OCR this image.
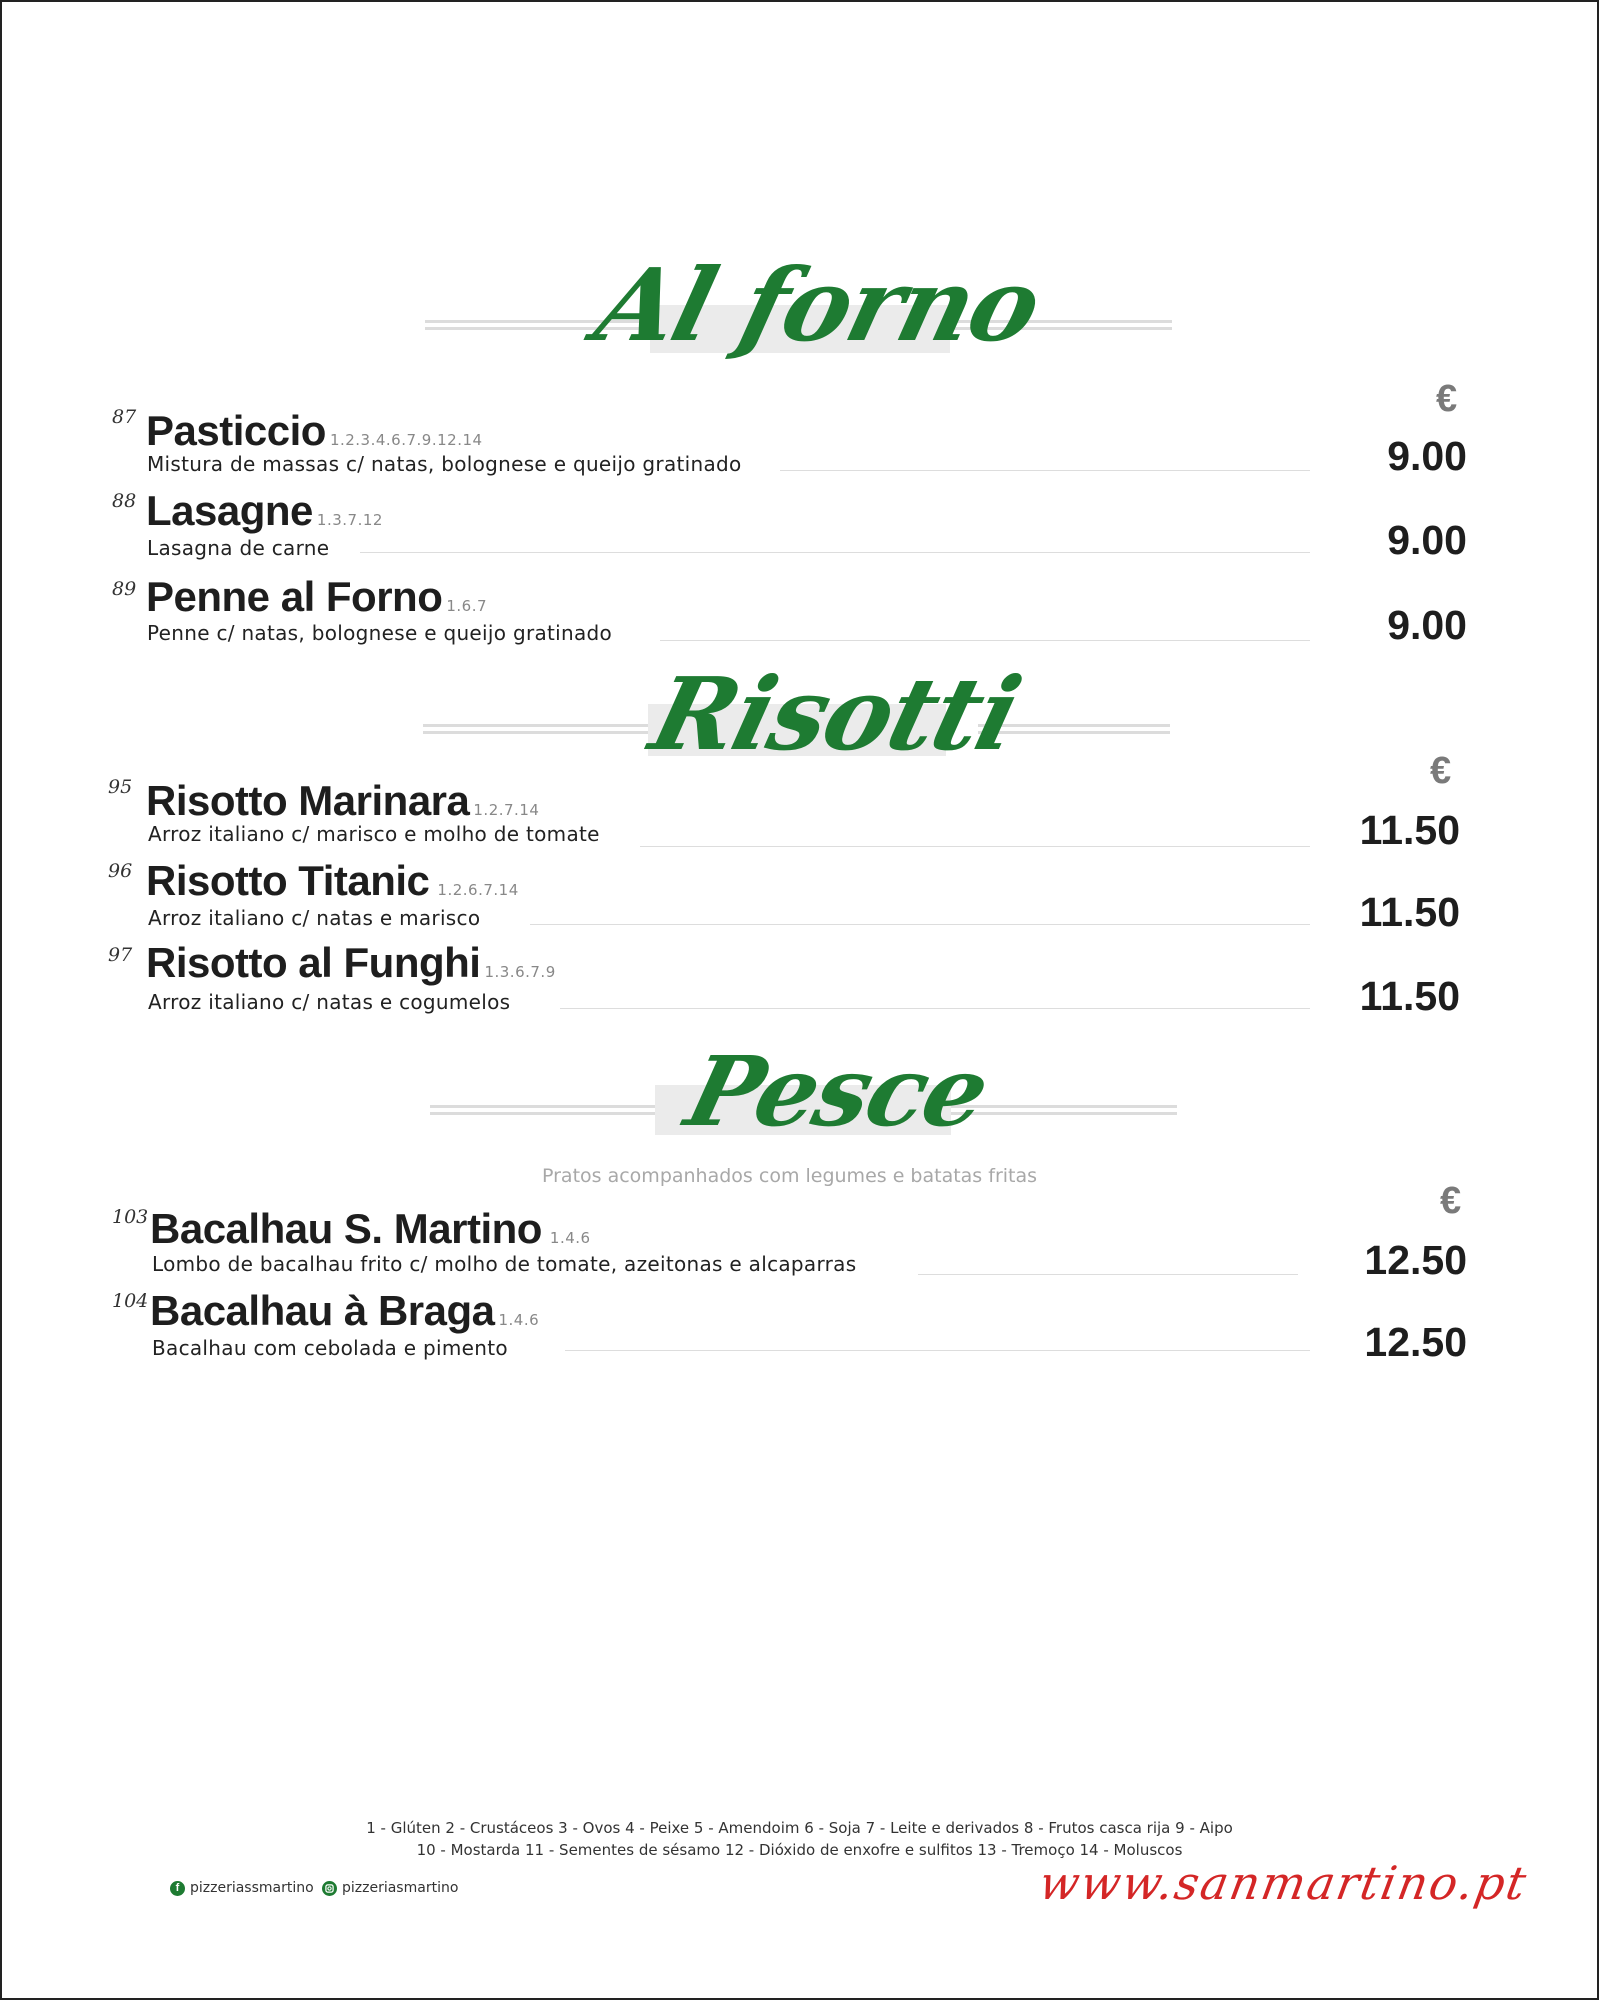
Al forno
€
87 Pasticcio 1.2.3.4.6.7.9.12.14
Mistura de massas c/ natas, bolognese e queijo gratinado	9.00
88 Lasagne 1.3.7.12
Lasagna de carne	9.00
89 Penne al Forno 1.6.7
Penne c/ natas, bolognese e queijo gratinado	9.00
Risotti	€
95 Risotto Marinara 1.2.7.14
Arroz italiano c/ marisco e molho de tomate	11.50
96 Risotto Titanic 1.2.6.7.14
Arroz italiano c/ natas e marisco	11.50
97 Risotto al Funghi 1.3.6.7.9
Arroz italiano c/ natas e cogumelos	11.50
Pesce
Pratos acompanhados com legumes e batatas fritas
€
103 Bacalhau S. Martino 1.4.6
Lombo de bacalhau frito c/ molho de tomate, azeitonas e alcaparras	12.50
104 Bacalhau à Braga 1.4.6
Bacalhau com cebolada e pimento	12.50
1 - Glúten 2 - Crustáceos 3 - Ovos 4 - Peixe 5 - Amendoim 6 - Soja 7 - Leite e derivados 8 - Frutos casca rija 9 - Aipo
10 - Mostarda 11 - Sementes de sésamo 12 - Dióxido de enxofre e sulfitos 13 - Tremoço 14 - Moluscos
f pizzeriassmartino pizzeriasmartino	www.sanmartino.pt
